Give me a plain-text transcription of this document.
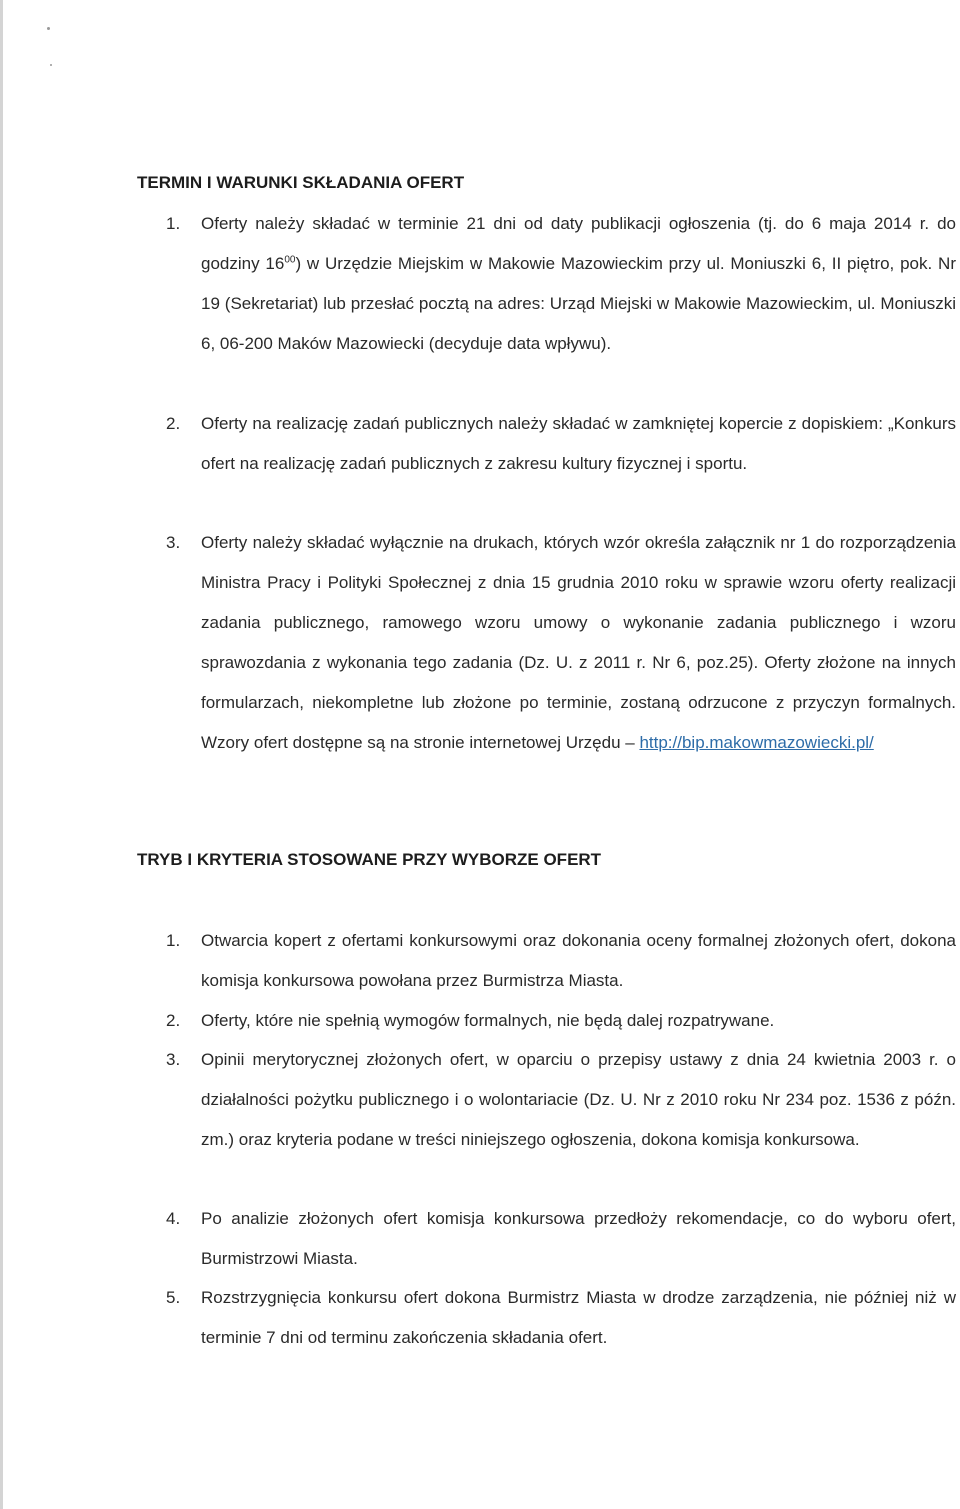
TERMIN I WARUNKI SKŁADANIA OFERT
1.	Oferty należy składać w terminie 21 dni od daty publikacji ogłoszenia (tj. do 6 maja 2014 r. do godziny $16^{00}$) w Urzędzie Miejskim w Makowie Mazowieckim przy ul. Moniuszki 6, II piętro, pok. Nr 19 (Sekretariat) lub przesłać pocztą na adres: Urząd Miejski w Makowie Mazowieckim, ul. Moniuszki 6, 06-200 Maków Mazowiecki (decyduje data wpływu).
2.	Oferty na realizację zadań publicznych należy składać w zamkniętej kopercie z dopiskiem: „Konkurs ofert na realizację zadań publicznych z zakresu kultury fizycznej i sportu.
3.	Oferty należy składać wyłącznie na drukach, których wzór określa załącznik nr 1 do rozporządzenia Ministra Pracy i Polityki Społecznej z dnia 15 grudnia 2010 roku w sprawie wzoru oferty realizacji zadania publicznego, ramowego wzoru umowy o wykonanie zadania publicznego i wzoru sprawozdania z wykonania tego zadania (Dz. U. z 2011 r. Nr 6, poz.25). Oferty złożone na innych formularzach, niekompletne lub złożone po terminie, zostaną odrzucone z przyczyn formalnych. Wzory ofert dostępne są na stronie internetowej Urzędu – http://bip.makowmazowiecki.pl/
TRYB I KRYTERIA STOSOWANE PRZY WYBORZE OFERT
1.	Otwarcia kopert z ofertami konkursowymi oraz dokonania oceny formalnej złożonych ofert, dokona komisja konkursowa powołana przez Burmistrza Miasta.
2.	Oferty, które nie spełnią wymogów formalnych, nie będą dalej rozpatrywane.
3.	Opinii merytorycznej złożonych ofert, w oparciu o przepisy ustawy z dnia 24 kwietnia 2003 r. o działalności pożytku publicznego i o wolontariacie (Dz. U. Nr z 2010 roku Nr 234 poz. 1536 z późn. zm.) oraz kryteria podane w treści niniejszego ogłoszenia, dokona komisja konkursowa.
4.	Po analizie złożonych ofert komisja konkursowa przedłoży rekomendacje, co do wyboru ofert, Burmistrzowi Miasta.
5.	Rozstrzygnięcia konkursu ofert dokona Burmistrz Miasta w drodze zarządzenia, nie później niż w terminie 7 dni od terminu zakończenia składania ofert.
